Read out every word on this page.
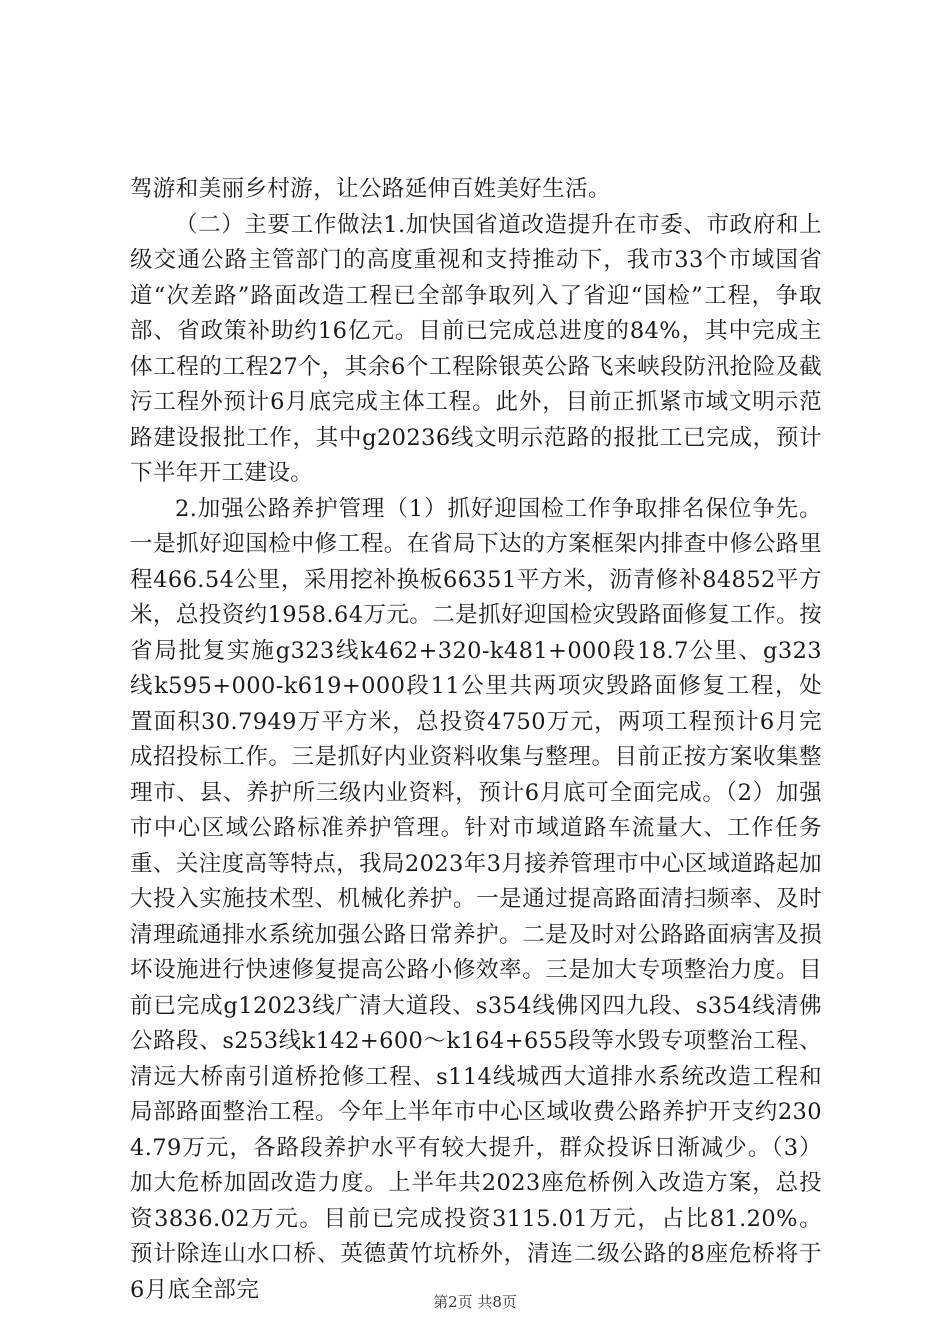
驾游和美丽乡村游，让公路延伸百姓美好生活。

（二）主要工作做法1.加快国省道改造提升在市委、市政府和上级交通公路主管部门的高度重视和支持推动下，我市33个市域国省道“次差路”路面改造工程已全部争取列入了省迎“国检”工程，争取部、省政策补助约16亿元。目前已完成总进度的84%，其中完成主体工程的工程27个，其余6个工程除银英公路飞来峡段防汛抢险及截污工程外预计6月底完成主体工程。此外，目前正抓紧市域文明示范路建设报批工作，其中g20236线文明示范路的报批工已完成，预计下半年开工建设。

2.加强公路养护管理（1）抓好迎国检工作争取排名保位争先。一是抓好迎国检中修工程。在省局下达的方案框架内排查中修公路里程466.54公里，采用挖补换板66351平方米，沥青修补84852平方米，总投资约1958.64万元。二是抓好迎国检灾毁路面修复工作。按省局批复实施g323线k462+320-k481+000段18.7公里、g323线k595+000-k619+000段11公里共两项灾毁路面修复工程，处置面积30.7949万平方米，总投资4750万元，两项工程预计6月完成招投标工作。三是抓好内业资料收集与整理。目前正按方案收集整理市、县、养护所三级内业资料，预计6月底可全面完成。（2）加强市中心区域公路标准养护管理。针对市域道路车流量大、工作任务重、关注度高等特点，我局2023年3月接养管理市中心区域道路起加大投入实施技术型、机械化养护。一是通过提高路面清扫频率、及时清理疏通排水系统加强公路日常养护。二是及时对公路路面病害及损坏设施进行快速修复提高公路小修效率。三是加大专项整治力度。目前已完成g12023线广清大道段、s354线佛冈四九段、s354线清佛公路段、s253线k142+600～k164+655段等水毁专项整治工程、清远大桥南引道桥抢修工程、s114线城西大道排水系统改造工程和局部路面整治工程。今年上半年市中心区域收费公路养护开支约2304.79万元，各路段养护水平有较大提升，群众投诉日渐减少。（3）加大危桥加固改造力度。上半年共2023座危桥例入改造方案，总投资3836.02万元。目前已完成投资3115.01万元，占比81.20%。预计除连山水口桥、英德黄竹坑桥外，清连二级公路的8座危桥将于6月底全部完	第2页 共8页
